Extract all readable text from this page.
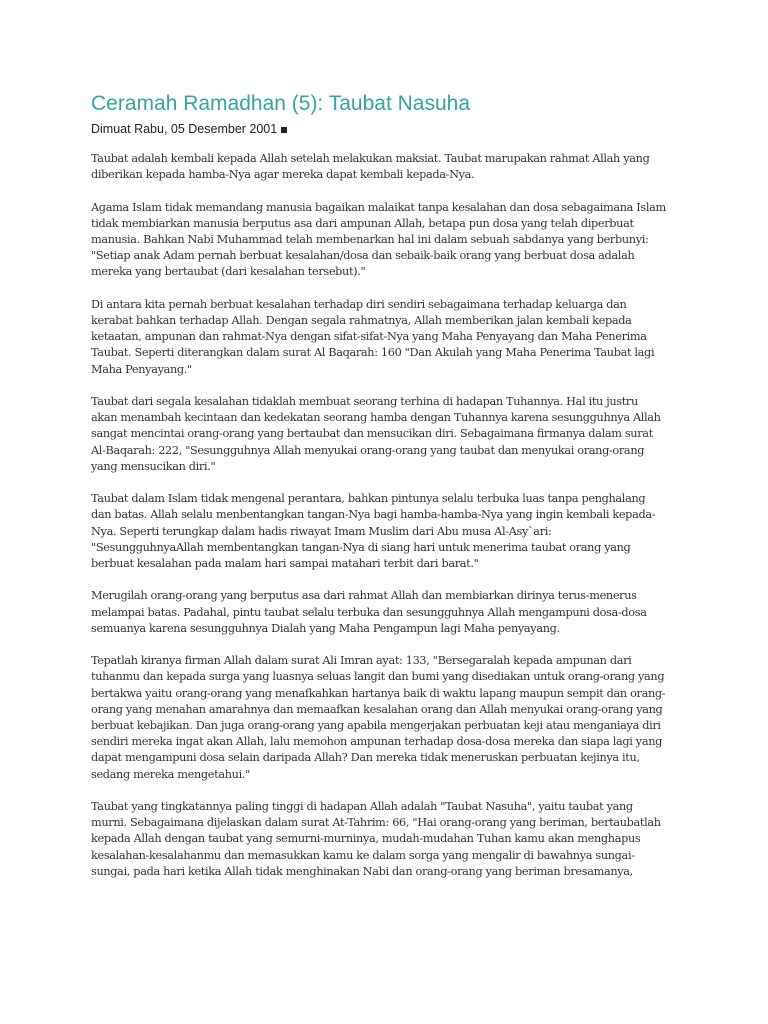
Ceramah Ramadhan (5): Taubat Nasuha
Dimuat Rabu, 05 Desember 2001

Taubat adalah kembali kepada Allah setelah melakukan maksiat. Taubat marupakan rahmat Allah yang
diberikan kepada hamba-Nya agar mereka dapat kembali kepada-Nya.

Agama Islam tidak memandang manusia bagaikan malaikat tanpa kesalahan dan dosa sebagaimana Islam
tidak membiarkan manusia berputus asa dari ampunan Allah, betapa pun dosa yang telah diperbuat
manusia. Bahkan Nabi Muhammad telah membenarkan hal ini dalam sebuah sabdanya yang berbunyi:
"Setiap anak Adam pernah berbuat kesalahan/dosa dan sebaik-baik orang yang berbuat dosa adalah
mereka yang bertaubat (dari kesalahan tersebut)."

Di antara kita pernah berbuat kesalahan terhadap diri sendiri sebagaimana terhadap keluarga dan
kerabat bahkan terhadap Allah. Dengan segala rahmatnya, Allah memberikan jalan kembali kepada
ketaatan, ampunan dan rahmat-Nya dengan sifat-sifat-Nya yang Maha Penyayang dan Maha Penerima
Taubat. Seperti diterangkan dalam surat Al Baqarah: 160 "Dan Akulah yang Maha Penerima Taubat lagi
Maha Penyayang."

Taubat dari segala kesalahan tidaklah membuat seorang terhina di hadapan Tuhannya. Hal itu justru
akan menambah kecintaan dan kedekatan seorang hamba dengan Tuhannya karena sesungguhnya Allah
sangat mencintai orang-orang yang bertaubat dan mensucikan diri. Sebagaimana firmanya dalam surat
Al-Baqarah: 222, "Sesungguhnya Allah menyukai orang-orang yang taubat dan menyukai orang-orang
yang mensucikan diri."

Taubat dalam Islam tidak mengenal perantara, bahkan pintunya selalu terbuka luas tanpa penghalang
dan batas. Allah selalu menbentangkan tangan-Nya bagi hamba-hamba-Nya yang ingin kembali kepada-
Nya. Seperti terungkap dalam hadis riwayat Imam Muslim dari Abu musa Al-Asy`ari:
"SesungguhnyaAllah membentangkan tangan-Nya di siang hari untuk menerima taubat orang yang
berbuat kesalahan pada malam hari sampai matahari terbit dari barat."

Merugilah orang-orang yang berputus asa dari rahmat Allah dan membiarkan dirinya terus-menerus
melampai batas. Padahal, pintu taubat selalu terbuka dan sesungguhnya Allah mengampuni dosa-dosa
semuanya karena sesungguhnya Dialah yang Maha Pengampun lagi Maha penyayang.

Tepatlah kiranya firman Allah dalam surat Ali Imran ayat: 133, "Bersegaralah kepada ampunan dari
tuhanmu dan kepada surga yang luasnya seluas langit dan bumi yang disediakan untuk orang-orang yang
bertakwa yaitu orang-orang yang menafkahkan hartanya baik di waktu lapang maupun sempit dan orang-
orang yang menahan amarahnya dan memaafkan kesalahan orang dan Allah menyukai orang-orang yang
berbuat kebajikan. Dan juga orang-orang yang apabila mengerjakan perbuatan keji atau menganiaya diri
sendiri mereka ingat akan Allah, lalu memohon ampunan terhadap dosa-dosa mereka dan siapa lagi yang
dapat mengampuni dosa selain daripada Allah? Dan mereka tidak meneruskan perbuatan kejinya itu,
sedang mereka mengetahui."

Taubat yang tingkatannya paling tinggi di hadapan Allah adalah "Taubat Nasuha", yaitu taubat yang
murni. Sebagaimana dijelaskan dalam surat At-Tahrim: 66, "Hai orang-orang yang beriman, bertaubatlah
kepada Allah dengan taubat yang semurni-murninya, mudah-mudahan Tuhan kamu akan menghapus
kesalahan-kesalahanmu dan memasukkan kamu ke dalam sorga yang mengalir di bawahnya sungai-
sungai, pada hari ketika Allah tidak menghinakan Nabi dan orang-orang yang beriman bresamanya,
